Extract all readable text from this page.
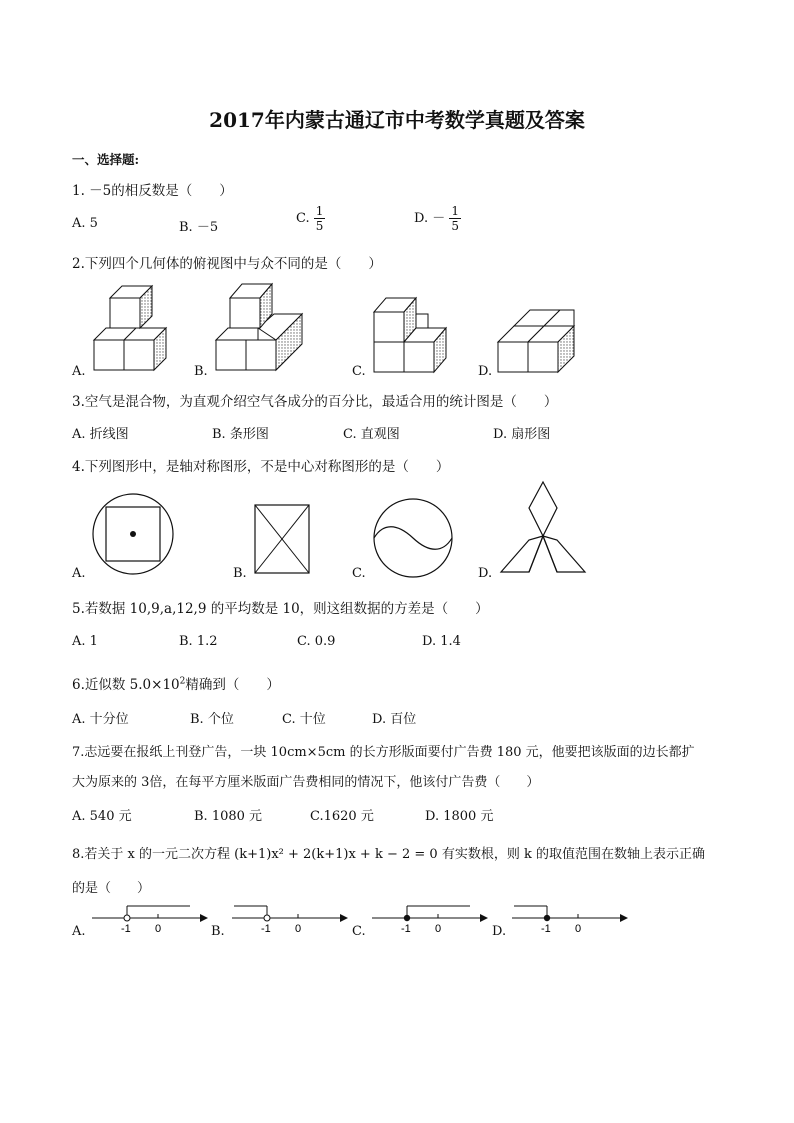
2017年内蒙古通辽市中考数学真题及答案
一、选择题:
1. －5的相反数是（　　）
A. 5	B. －5
C. $\frac{1}{5}$	D. － $\frac{1}{5}$
2.下列四个几何体的俯视图中与众不同的是（　　）
A.	B.	C.	D.
3.空气是混合物，为直观介绍空气各成分的百分比，最适合用的统计图是（　　）
A. 折线图	B. 条形图	C. 直观图	D. 扇形图
4.下列图形中，是轴对称图形，不是中心对称图形的是（　　）
A.	B.	C.	D.
5.若数据 10,9,a,12,9 的平均数是 10，则这组数据的方差是（　　）
A. 1	B. 1.2	C. 0.9	D. 1.4
6.近似数 $5.0\times 10^2$精确到（　　）
A. 十分位	B. 个位	C. 十位	D. 百位
7.志远要在报纸上刊登广告，一块 10cm×5cm 的长方形版面要付广告费 180 元，他要把该版面的边长都扩
大为原来的 3倍，在每平方厘米版面广告费相同的情况下，他该付广告费（　　）
A. 540 元	B. 1080 元	C.1620 元	D. 1800 元
8.若关于 x 的一元二次方程 (k+1)x² + 2(k+1)x + k − 2 = 0 有实数根，则 k 的取值范围在数轴上表示正确
的是（　　）
A.	-1 0	B.	-1 0	C.	-1 0	D.	-1 0
